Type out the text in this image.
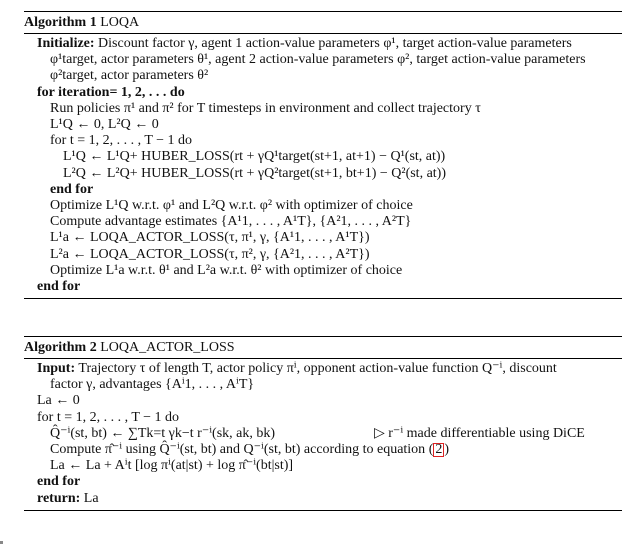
Algorithm 1 LOQA
Initialize: Discount factor γ, agent 1 action-value parameters φ¹, target action-value parameters
φ¹target, actor parameters θ¹, agent 2 action-value parameters φ², target action-value parameters
φ²target, actor parameters θ²
for iteration= 1, 2, . . . do
Run policies π¹ and π² for T timesteps in environment and collect trajectory τ
L¹Q ← 0, L²Q ← 0
for t = 1, 2, . . . , T − 1 do
L¹Q ← L¹Q+ HUBER_LOSS(rt + γQ¹target(st+1, at+1) − Q¹(st, at))
L²Q ← L²Q+ HUBER_LOSS(rt + γQ²target(st+1, bt+1) − Q²(st, at))
end for
Optimize L¹Q w.r.t. φ¹ and L²Q w.r.t. φ² with optimizer of choice
Compute advantage estimates {A¹1, . . . , A¹T}, {A²1, . . . , A²T}
L¹a ← LOQA_ACTOR_LOSS(τ, π¹, γ, {A¹1, . . . , A¹T})
L²a ← LOQA_ACTOR_LOSS(τ, π², γ, {A²1, . . . , A²T})
Optimize L¹a w.r.t. θ¹ and L²a w.r.t. θ² with optimizer of choice
end for
Algorithm 2 LOQA_ACTOR_LOSS
Input: Trajectory τ of length T, actor policy πⁱ, opponent action-value function Q⁻ⁱ, discount
factor γ, advantages {Aⁱ1, . . . , AⁱT}
La ← 0
for t = 1, 2, . . . , T − 1 do
Q̂⁻ⁱ(st, bt) ← ∑Tk=t γk−t r⁻ⁱ(sk, ak, bk)	▷ r⁻ⁱ made differentiable using DiCE
Compute π̂⁻ⁱ using Q̂⁻ⁱ(st, bt) and Q⁻ⁱ(st, bt) according to equation ( 2 )
La ← La + Aⁱt [log πⁱ(at|st) + log π̂⁻ⁱ(bt|st)]
end for
return: La
